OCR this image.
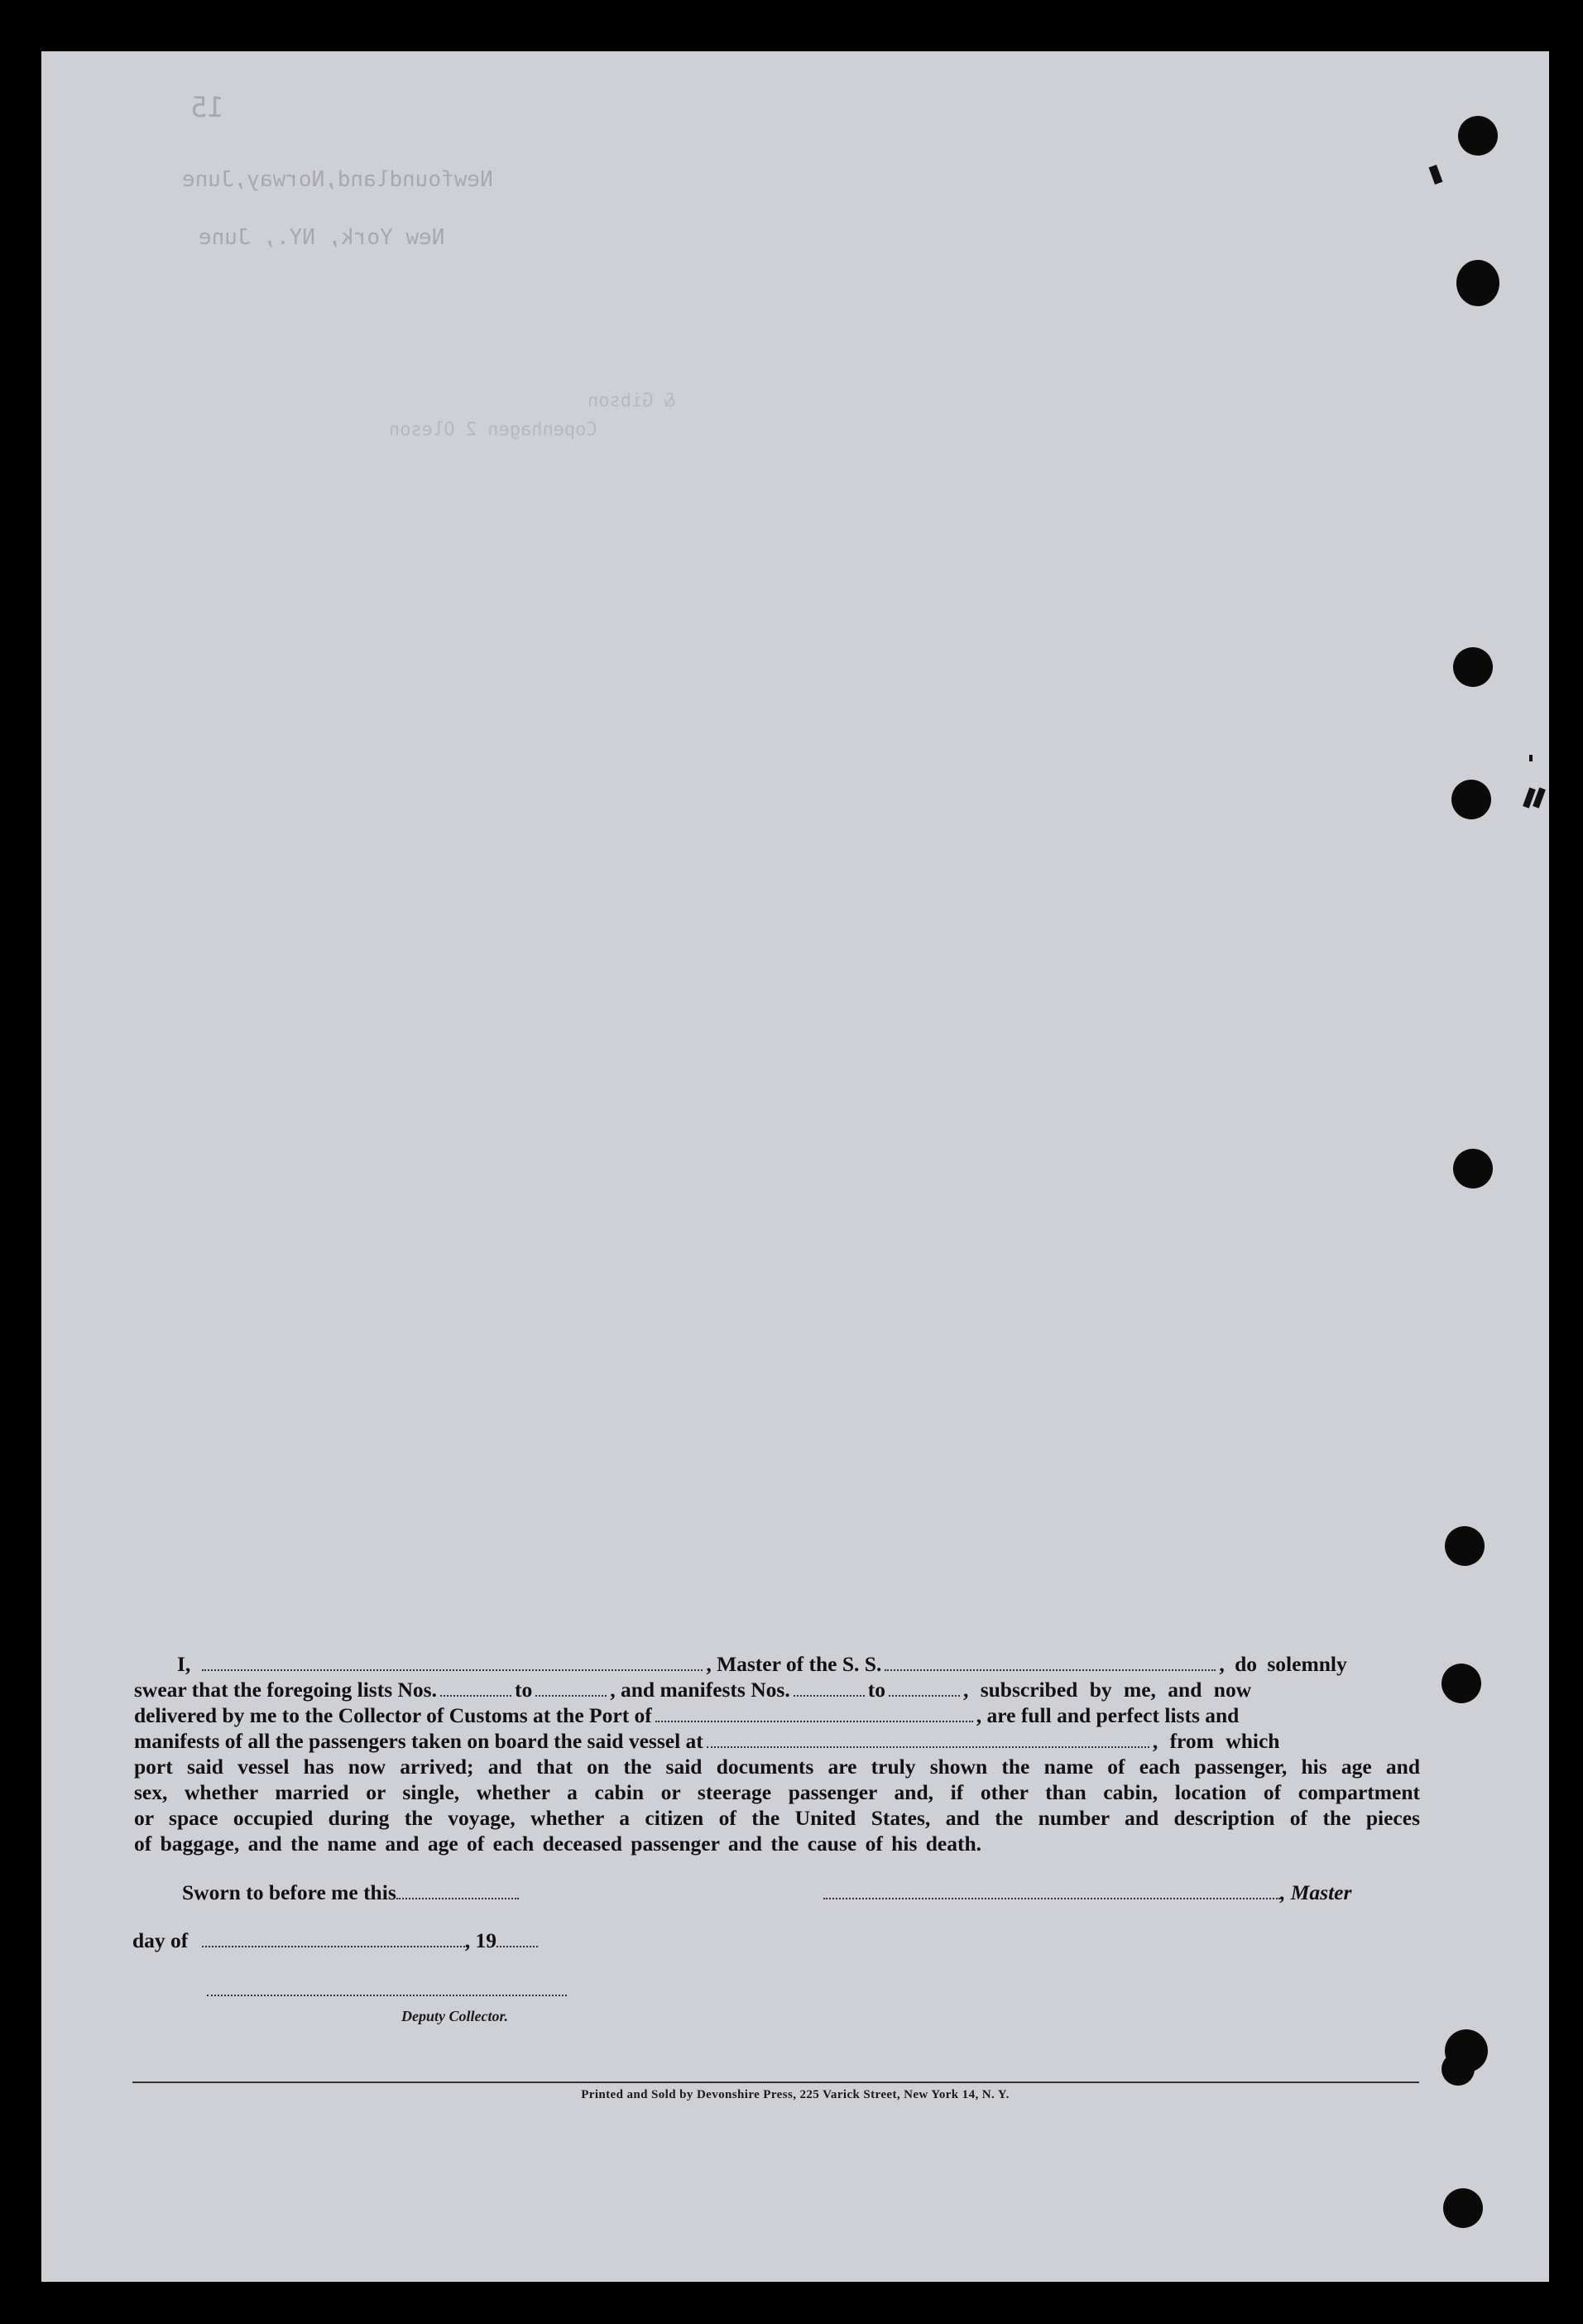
15
Newfoundland,Norway,June
New York, NY., June
& Gibson
Copenhagen 2 Oleson
I,	, Master of the S. S.	, do solemnly
swear that the foregoing lists Nos.	to	, and manifests Nos.	to	, subscribed by me, and now
delivered by me to the Collector of Customs at the Port of	, are full and perfect lists and
manifests of all the passengers taken on board the said vessel at	, from which
port said vessel has now arrived; and that on the said documents are truly shown the name of each passenger, his age and
sex, whether married or single, whether a cabin or steerage passenger and, if other than cabin, location of compartment
or space occupied during the voyage, whether a citizen of the United States, and the number and description of the pieces
of baggage, and the name and age of each deceased passenger and the cause of his death.
Sworn to before me this	, Master
day of	, 19
Deputy Collector.
Printed and Sold by Devonshire Press, 225 Varick Street, New York 14, N. Y.
